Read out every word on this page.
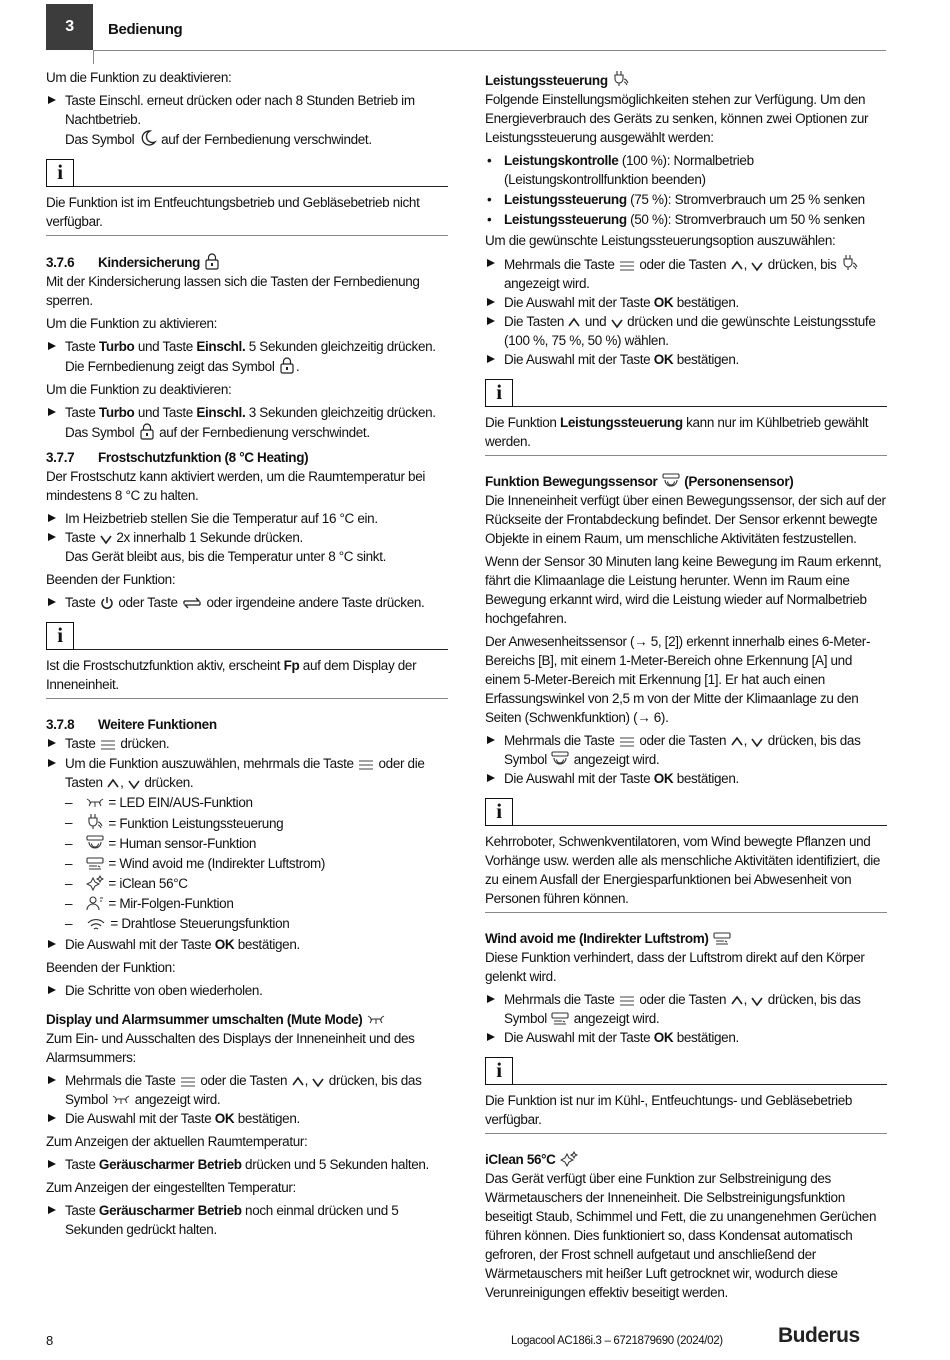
3	Bedienung

Um die Funktion zu deaktivieren:

Taste Einschl. erneut drücken oder nach 8 Stunden Betrieb im Nachtbetrieb.
Das Symbol auf der Fernbedienung verschwindet.
i
Die Funktion ist im Entfeuchtungsbetrieb und Gebläsebetrieb nicht verfügbar.
3.7.6 Kindersicherung

Mit der Kindersicherung lassen sich die Tasten der Fernbedienung sperren.

Um die Funktion zu aktivieren:

Taste Turbo und Taste Einschl. 5 Sekunden gleichzeitig drücken.
Die Fernbedienung zeigt das Symbol .

Um die Funktion zu deaktivieren:

Taste Turbo und Taste Einschl. 3 Sekunden gleichzeitig drücken.
Das Symbol auf der Fernbedienung verschwindet.
3.7.7 Frostschutzfunktion (8 °C Heating)

Der Frostschutz kann aktiviert werden, um die Raumtemperatur bei mindestens 8 °C zu halten.

Im Heizbetrieb stellen Sie die Temperatur auf 16 °C ein.
Taste 2x innerhalb 1 Sekunde drücken.
Das Gerät bleibt aus, bis die Temperatur unter 8 °C sinkt.

Beenden der Funktion:

Taste oder Taste oder irgendeine andere Taste drücken.
i
Ist die Frostschutzfunktion aktiv, erscheint Fp auf dem Display der Inneneinheit.
3.7.8 Weitere Funktionen
Taste drücken.
Um die Funktion auszuwählen, mehrmals die Taste oder die Tasten ,
drücken.
– = LED EIN/AUS-Funktion
– = Funktion Leistungssteuerung
– = Human sensor-Funktion
– = Wind avoid me (Indirekter Luftstrom)
– = iClean 56°C
– = Mir-Folgen-Funktion
– = Drahtlose Steuerungsfunktion
Die Auswahl mit der Taste OK bestätigen.

Beenden der Funktion:

Die Schritte von oben wiederholen.
Display und Alarmsummer umschalten (Mute Mode)

Zum Ein- und Ausschalten des Displays der Inneneinheit und des Alarmsummers:

Mehrmals die Taste oder die Tasten ,
drücken, bis das Symbol angezeigt wird.
Die Auswahl mit der Taste OK bestätigen.

Zum Anzeigen der aktuellen Raumtemperatur:

Taste Geräuscharmer Betrieb drücken und 5 Sekunden halten.

Zum Anzeigen der eingestellten Temperatur:

Taste Geräuscharmer Betrieb noch einmal drücken und 5 Sekunden gedrückt halten.
Leistungssteuerung

Folgende Einstellungsmöglichkeiten stehen zur Verfügung. Um den Energieverbrauch des Geräts zu senken, können zwei Optionen zur Leistungssteuerung ausgewählt werden:

• Leistungskontrolle (100 %): Normalbetrieb (Leistungskontrollfunktion beenden)
• Leistungssteuerung (75 %): Stromverbrauch um 25 % senken
• Leistungssteuerung (50 %): Stromverbrauch um 50 % senken

Um die gewünschte Leistungssteuerungsoption auszuwählen:

Mehrmals die Taste oder die Tasten ,
drücken, bis
angezeigt wird.
Die Auswahl mit der Taste OK bestätigen.
Die Tasten und drücken und die gewünschte Leistungsstufe (100 %, 75 %, 50 %) wählen.
Die Auswahl mit der Taste OK bestätigen.
i
Die Funktion Leistungssteuerung kann nur im Kühlbetrieb gewählt werden.
Funktion Bewegungssensor (Personensensor)

Die Inneneinheit verfügt über einen Bewegungssensor, der sich auf der Rückseite der Frontabdeckung befindet. Der Sensor erkennt bewegte Objekte in einem Raum, um menschliche Aktivitäten festzustellen.

Wenn der Sensor 30 Minuten lang keine Bewegung im Raum erkennt, fährt die Klimaanlage die Leistung herunter. Wenn im Raum eine Bewegung erkannt wird, wird die Leistung wieder auf Normalbetrieb hochgefahren.

Der Anwesenheitssensor (→ 5, [2]) erkennt innerhalb eines 6-Meter-Bereichs [B], mit einem 1-Meter-Bereich ohne Erkennung [A] und einem 5-Meter-Bereich mit Erkennung [1]. Er hat auch einen Erfassungswinkel von 2,5 m von der Mitte der Klimaanlage zu den Seiten (Schwenkfunktion) (→ 6).

Mehrmals die Taste oder die Tasten ,
drücken, bis das Symbol angezeigt wird.
Die Auswahl mit der Taste OK bestätigen.
i
Kehrroboter, Schwenkventilatoren, vom Wind bewegte Pflanzen und Vorhänge usw. werden alle als menschliche Aktivitäten identifiziert, die zu einem Ausfall der Energiesparfunktionen bei Abwesenheit von Personen führen können.
Wind avoid me (Indirekter Luftstrom)

Diese Funktion verhindert, dass der Luftstrom direkt auf den Körper gelenkt wird.

Mehrmals die Taste oder die Tasten ,
drücken, bis das Symbol angezeigt wird.
Die Auswahl mit der Taste OK bestätigen.
i
Die Funktion ist nur im Kühl-, Entfeuchtungs- und Gebläsebetrieb verfügbar.
iClean 56°C

Das Gerät verfügt über eine Funktion zur Selbstreinigung des Wärmetauschers der Inneneinheit. Die Selbstreinigungsfunktion beseitigt Staub, Schimmel und Fett, die zu unangenehmen Gerüchen führen können. Dies funktioniert so, dass Kondensat automatisch gefroren, der Frost schnell aufgetaut und anschließend der Wärmetauschers mit heißer Luft getrocknet wir, wodurch diese Verunreinigungen effektiv beseitigt werden.

8	Logacool AC186i.3 – 6721879690 (2024/02)	Buderus
